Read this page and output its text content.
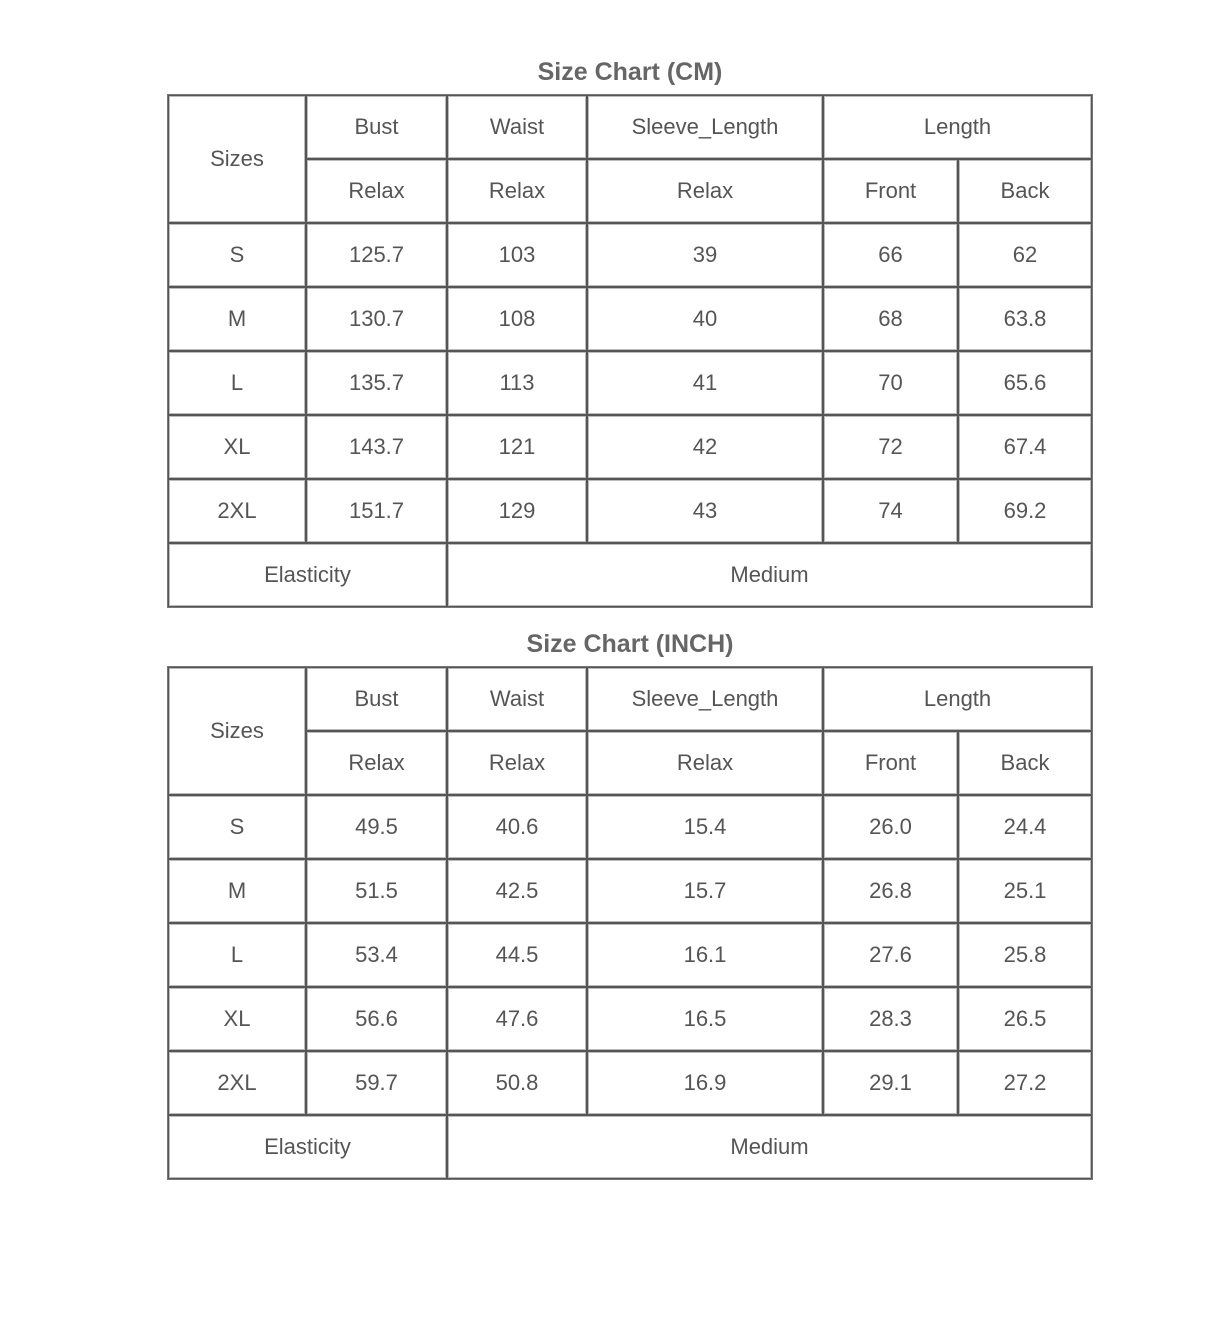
Size Chart (CM)
Sizes	Bust	Waist	Sleeve_Length	Length	
	Relax	Relax	Relax	Front	Back
S	125.7	103	39	66	62
M	130.7	108	40	68	63.8
L	135.7	113	41	70	65.6
XL	143.7	121	42	72	67.4
2XL	151.7	129	43	74	69.2
Elasticity		Medium			
Size Chart (INCH)
Sizes	Bust	Waist	Sleeve_Length	Length	
	Relax	Relax	Relax	Front	Back
S	49.5	40.6	15.4	26.0	24.4
M	51.5	42.5	15.7	26.8	25.1
L	53.4	44.5	16.1	27.6	25.8
XL	56.6	47.6	16.5	28.3	26.5
2XL	59.7	50.8	16.9	29.1	27.2
Elasticity		Medium			
